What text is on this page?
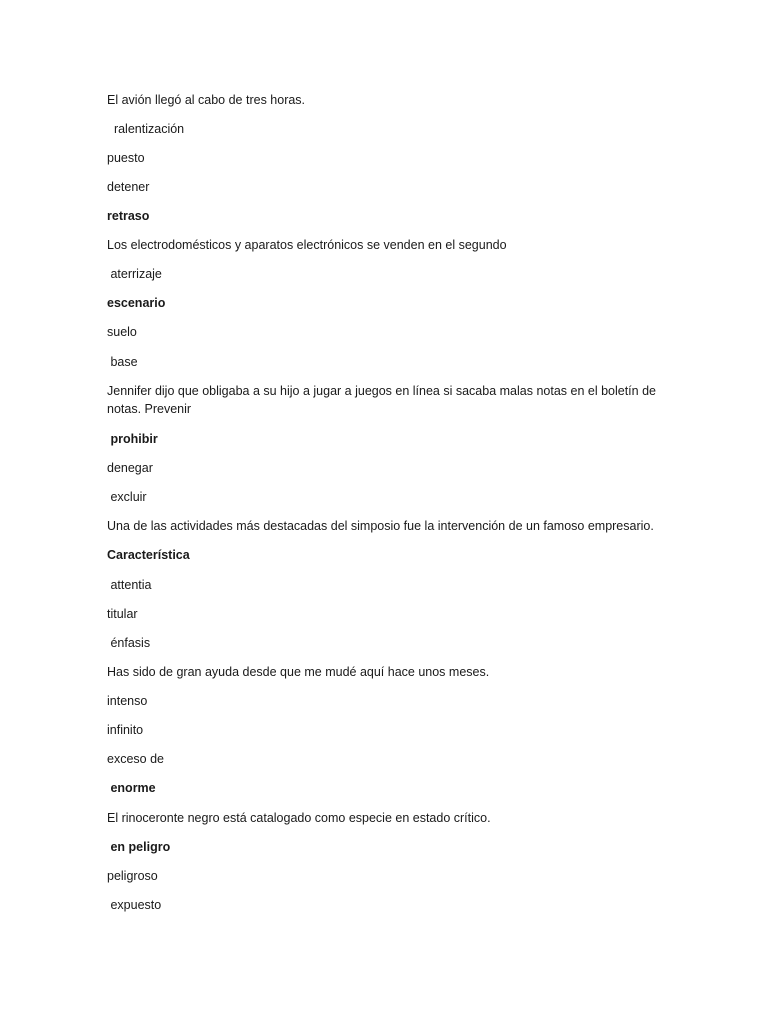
El avión llegó al cabo de tres horas.
ralentización
puesto
detener
retraso
Los electrodomésticos y aparatos electrónicos se venden en el segundo
aterrizaje
escenario
suelo
base
Jennifer dijo que obligaba a su hijo a jugar a juegos en línea si sacaba malas notas en el boletín de notas. Prevenir
prohibir
denegar
excluir
Una de las actividades más destacadas del simposio fue la intervención de un famoso empresario.
Característica
attentia
titular
énfasis
Has sido de gran ayuda desde que me mudé aquí hace unos meses.
intenso
infinito
exceso de
enorme
El rinoceronte negro está catalogado como especie en estado crítico.
en peligro
peligroso
expuesto
